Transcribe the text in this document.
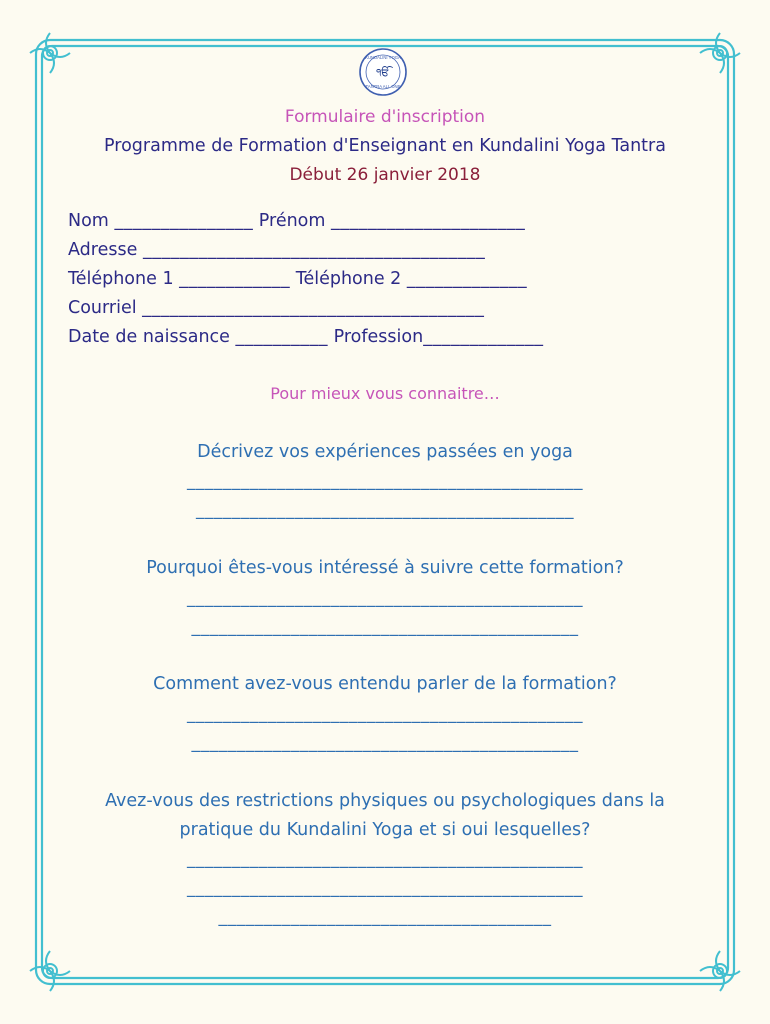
KUNDALINI YOGA
ੴ
TANTRA ALL ONE
Formulaire d'inscription
Programme de Formation d'Enseignant en Kundalini Yoga Tantra
Début 26 janvier 2018
Nom _______________ Prénom _____________________
Adresse _____________________________________
Téléphone 1 ____________ Téléphone 2 _____________
Courriel _____________________________________
Date de naissance __________ Profession_____________
Pour mieux vous connaitre…
Décrivez vos expériences passées en yoga
____________________________________________
__________________________________________
Pourquoi êtes-vous intéressé à suivre cette formation?
____________________________________________
___________________________________________
Comment avez-vous entendu parler de la formation?
____________________________________________
___________________________________________
Avez-vous des restrictions physiques ou psychologiques dans la
pratique du Kundalini Yoga et si oui lesquelles?
____________________________________________
____________________________________________
_____________________________________
